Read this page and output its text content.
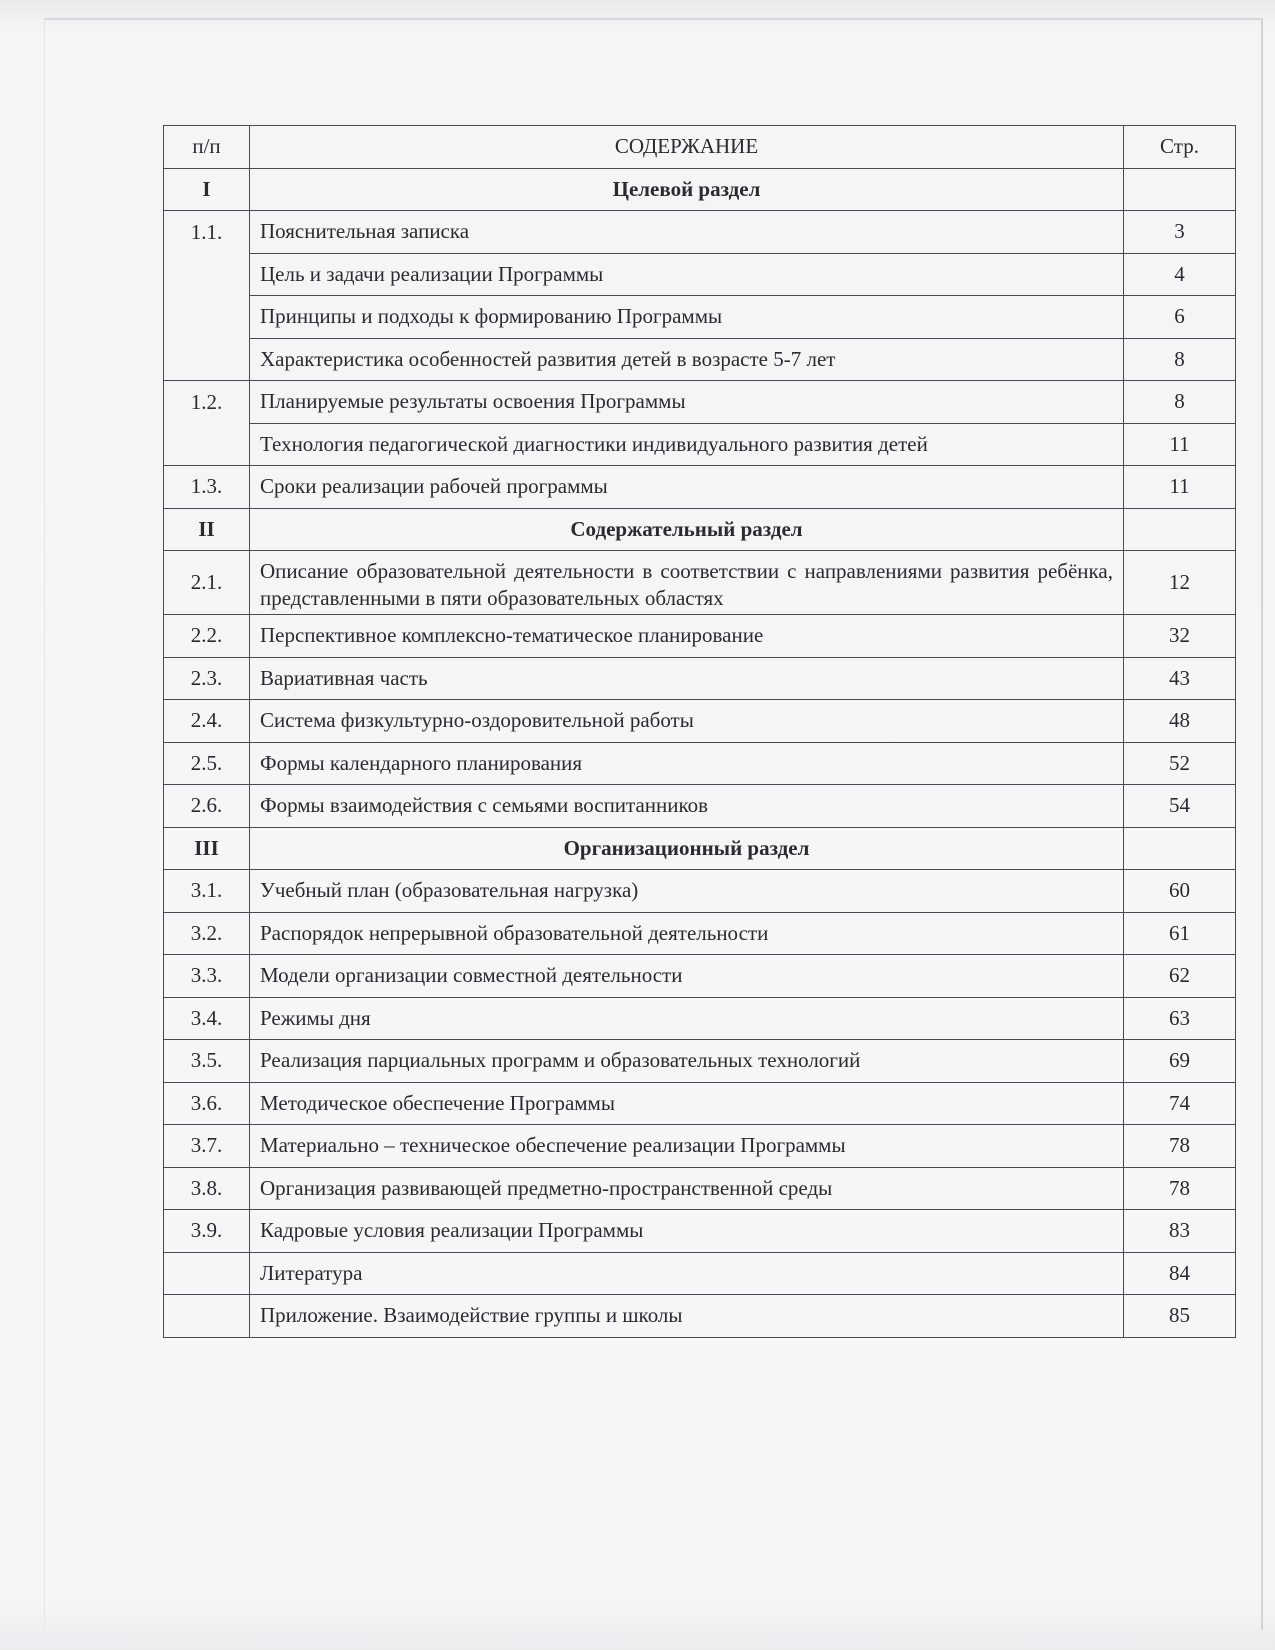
п/п	СОДЕРЖАНИЕ	Стр.
I	Целевой раздел	
1.1.	Пояснительная записка	3
	Цель и задачи реализации Программы	4
	Принципы и подходы к формированию Программы	6
	Характеристика особенностей развития детей в возрасте 5-7 лет	8
1.2.	Планируемые результаты освоения Программы	8
	Технология педагогической диагностики индивидуального развития детей	11
1.3.	Сроки реализации рабочей программы	11
II	Содержательный раздел	
2.1.	Описание образовательной деятельности в соответствии с направлениями развития ребёнка, представленными в пяти образовательных областях	12
2.2.	Перспективное комплексно-тематическое планирование	32
2.3.	Вариативная часть	43
2.4.	Система физкультурно-оздоровительной работы	48
2.5.	Формы календарного планирования	52
2.6.	Формы взаимодействия с семьями воспитанников	54
III	Организационный раздел	
3.1.	Учебный план (образовательная нагрузка)	60
3.2.	Распорядок непрерывной образовательной деятельности	61
3.3.	Модели организации совместной деятельности	62
3.4.	Режимы дня	63
3.5.	Реализация парциальных программ и образовательных технологий	69
3.6.	Методическое обеспечение Программы	74
3.7.	Материально – техническое обеспечение реализации Программы	78
3.8.	Организация развивающей предметно-пространственной среды	78
3.9.	Кадровые условия реализации Программы	83
	Литература	84
	Приложение. Взаимодействие группы и школы	85
